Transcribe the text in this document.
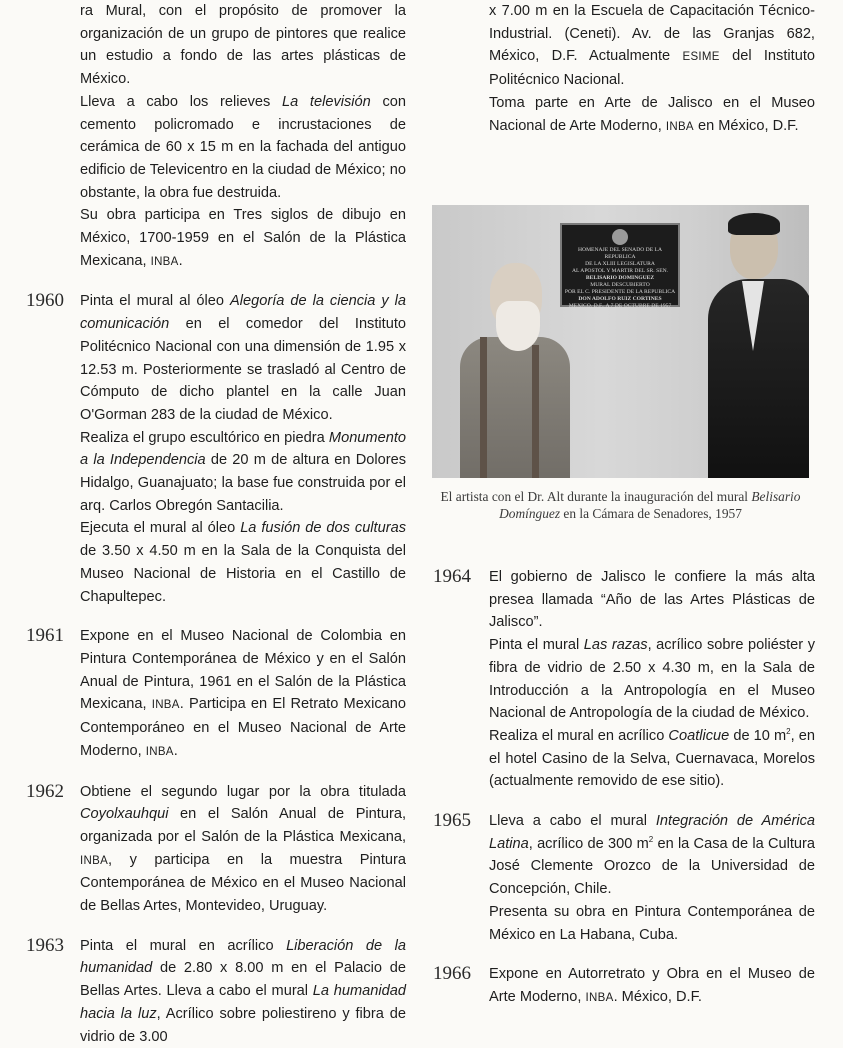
ra Mural, con el propósito de promover la organización de un grupo de pintores que realice un estudio a fondo de las artes plásticas de México.

Lleva a cabo los relieves La televisión con cemento policromado e incrustaciones de cerámica de 60 x 15 m en la fachada del antiguo edificio de Televicentro en la ciudad de México; no obstante, la obra fue destruida.

Su obra participa en Tres siglos de dibujo en México, 1700-1959 en el Salón de la Plástica Mexicana, INBA.

1960	Pinta el mural al óleo Alegoría de la ciencia y la comunicación en el comedor del Instituto Politécnico Nacional con una dimensión de 1.95 x 12.53 m. Posteriormente se trasladó al Centro de Cómputo de dicho plantel en la calle Juan O'Gorman 283 de la ciudad de México.

Realiza el grupo escultórico en piedra Monumento a la Independencia de 20 m de altura en Dolores Hidalgo, Guanajuato; la base fue construida por el arq. Carlos Obregón Santacilia.

Ejecuta el mural al óleo La fusión de dos culturas de 3.50 x 4.50 m en la Sala de la Conquista del Museo Nacional de Historia en el Castillo de Chapultepec.

1961	Expone en el Museo Nacional de Colombia en Pintura Contemporánea de México y en el Salón Anual de Pintura, 1961 en el Salón de la Plástica Mexicana, INBA. Participa en El Retrato Mexicano Contemporáneo en el Museo Nacional de Arte Moderno, INBA.

1962	Obtiene el segundo lugar por la obra titulada Coyolxauhqui en el Salón Anual de Pintura, organizada por el Salón de la Plástica Mexicana, INBA, y participa en la muestra Pintura Contemporánea de México en el Museo Nacional de Bellas Artes, Montevideo, Uruguay.

1963	Pinta el mural en acrílico Liberación de la humanidad de 2.80 x 8.00 m en el Palacio de Bellas Artes. Lleva a cabo el mural La humanidad hacia la luz, Acrílico sobre poliestireno y fibra de vidrio de 3.00

x 7.00 m en la Escuela de Capacitación Técnico-Industrial. (Ceneti). Av. de las Granjas 682, México, D.F. Actualmente ESIME del Instituto Politécnico Nacional.

Toma parte en Arte de Jalisco en el Museo Nacional de Arte Moderno, INBA en México, D.F.

HOMENAJE DEL SENADO DE LA REPUBLICA
DE LA XLIII LEGISLATURA
AL APOSTOL Y MARTIR DEL SR. SEN.
BELISARIO DOMINGUEZ
MURAL DESCUBIERTO
POR EL C. PRESIDENTE DE LA REPUBLICA
DON ADOLFO RUIZ CORTINES
MEXICO, D.F., A 7 DE OCTUBRE DE 1957
El artista con el Dr. Alt durante la inauguración del mural Belisario Domínguez en la Cámara de Senadores, 1957
1964	El gobierno de Jalisco le confiere la más alta presea llamada “Año de las Artes Plásticas de Jalisco”.

Pinta el mural Las razas, acrílico sobre poliéster y fibra de vidrio de 2.50 x 4.30 m, en la Sala de Introducción a la Antropología en el Museo Nacional de Antropología de la ciudad de México.

Realiza el mural en acrílico Coatlicue de 10 $m^2$, en el hotel Casino de la Selva, Cuernavaca, Morelos (actualmente removido de ese sitio).

1965	Lleva a cabo el mural Integración de América Latina, acrílico de 300 $m^2$ en la Casa de la Cultura José Clemente Orozco de la Universidad de Concepción, Chile.

Presenta su obra en Pintura Contemporánea de México en La Habana, Cuba.

1966	Expone en Autorretrato y Obra en el Museo de Arte Moderno, INBA. México, D.F.
